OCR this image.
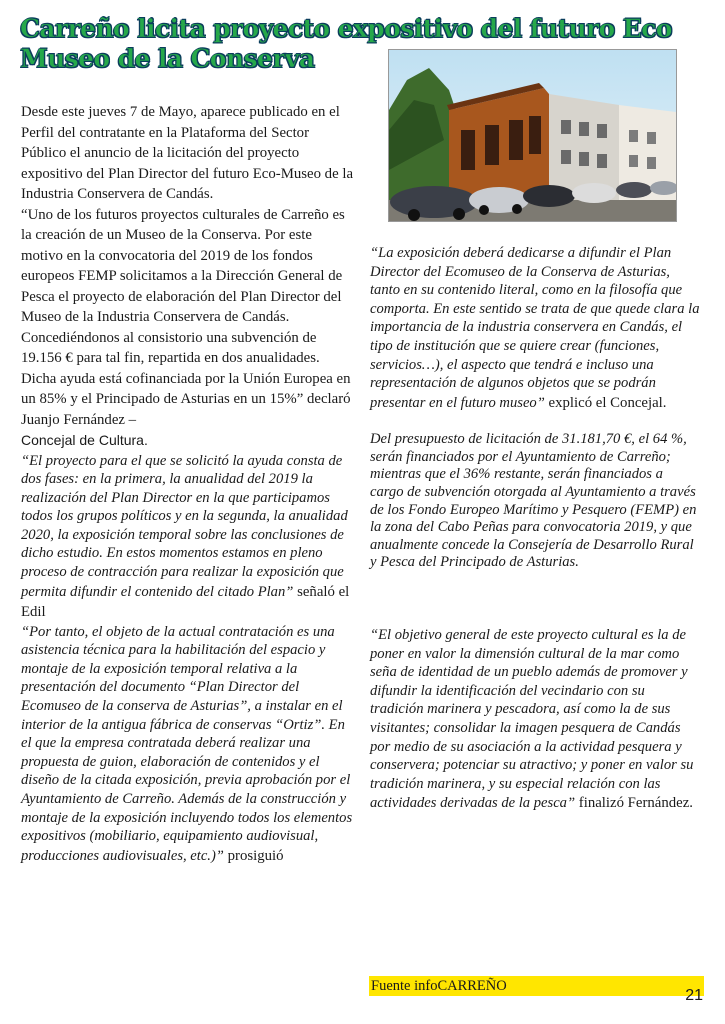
Carreño licita proyecto expositivo del futuro Eco Museo de la Conserva

Desde este jueves 7 de Mayo, aparece publicado en el Perfil del contratante en la Plataforma del Sector Público el anuncio de la licitación del proyecto expositivo del Plan Director del futuro Eco-Museo de la Industria Conservera de Candás.

“Uno de los futuros proyectos culturales de Carreño es la creación de un Museo de la Conserva. Por este motivo en la convocatoria del 2019 de los fondos europeos FEMP solicitamos a la Dirección General de Pesca el proyecto de elaboración del Plan Director del Museo de la Industria Conservera de Candás. Concediéndonos al consistorio una subvención de 19.156 € para tal fin, repartida en dos anualidades. Dicha ayuda está cofinanciada por la Unión Europea en un 85% y el Principado de Asturias en un 15%” declaró Juanjo Fernández –
Concejal de Cultura.

“El proyecto para el que se solicitó la ayuda consta de dos fases: en la primera, la anualidad del 2019 la realización del Plan Director en la que participamos todos los grupos políticos y en la segunda, la anualidad 2020, la exposición temporal sobre las conclusiones de dicho estudio. En estos momentos estamos en pleno proceso de contracción para realizar la exposición que permita difundir el contenido del citado Plan” señaló el Edil

“Por tanto, el objeto de la actual contratación es una asistencia técnica para la habilitación del espacio y montaje de la exposición temporal relativa a la presentación del documento “Plan Director del Ecomuseo de la conserva de Asturias”, a instalar en el interior de la antigua fábrica de conservas “Ortiz”. En el que la empresa contratada deberá realizar una propuesta de guion, elaboración de contenidos y el diseño de la citada exposición, previa aprobación por el Ayuntamiento de Carreño. Además de la construcción y montaje de la exposición incluyendo todos los elementos expositivos (mobiliario, equipamiento audiovisual, producciones audiovisuales, etc.)” prosiguió

“La exposición deberá dedicarse a difundir el Plan Director del Ecomuseo de la Conserva de Asturias, tanto en su contenido literal, como en la filosofía que comporta. En este sentido se trata de que quede clara la importancia de la industria conservera en Candás, el tipo de institución que se quiere crear (funciones, servicios…), el aspecto que tendrá e incluso una representación de algunos objetos que se podrán presentar en el futuro museo” explicó el Concejal.

Del presupuesto de licitación de 31.181,70 €, el 64 %, serán financiados por el Ayuntamiento de Carreño; mientras que el 36% restante, serán financiados a cargo de subvención otorgada al Ayuntamiento a través de los Fondo Europeo Marítimo y Pesquero (FEMP) en la zona del Cabo Peñas para convocatoria 2019, y que anualmente concede la Consejería de Desarrollo Rural y Pesca del Principado de Asturias.

“El objetivo general de este proyecto cultural es la de poner en valor la dimensión cultural de la mar como seña de identidad de un pueblo además de promover y difundir la identificación del vecindario con su tradición marinera y pescadora, así como la de sus visitantes; consolidar la imagen pesquera de Candás por medio de su asociación a la actividad pesquera y conservera; potenciar su atractivo; y poner en valor su tradición marinera, y su especial relación con las actividades derivadas de la pesca” finalizó Fernández.

Fuente infoCARREÑO
21
